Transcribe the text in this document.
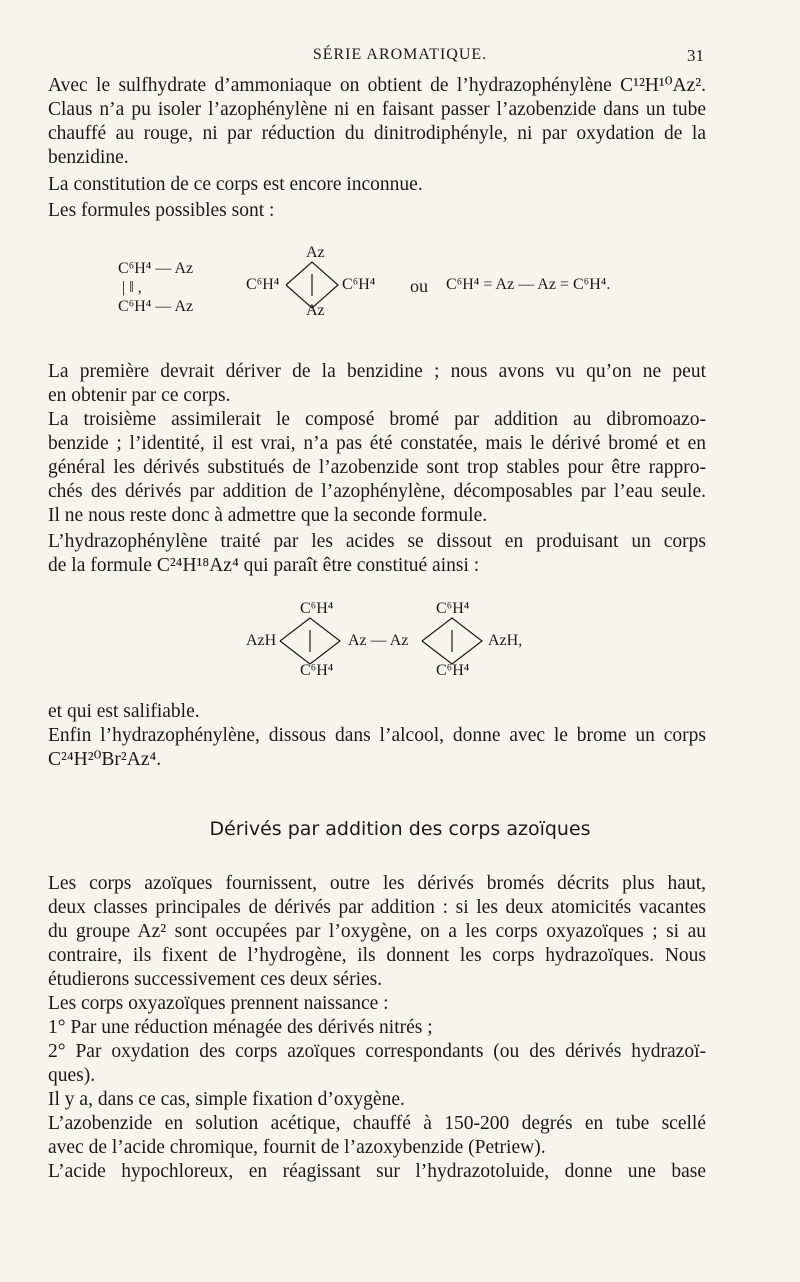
SÉRIE AROMATIQUE.	31

Avec le sulfhydrate d’ammoniaque on obtient de l’hydrazophénylène C¹²H¹⁰Az².

Claus n’a pu isoler l’azophénylène ni en faisant passer l’azobenzide dans un tube

chauffé au rouge, ni par réduction du dinitrodiphényle, ni par oxydation de la

benzidine.

La constitution de ce corps est encore inconnue.

Les formules possibles sont :

C⁶H⁴ — Az
| ‖ ,
C⁶H⁴ — Az
Az
C⁶H⁴	C⁶H⁴
Az
ou C⁶H⁴ = Az — Az = C⁶H⁴.

La première devrait dériver de la benzidine ; nous avons vu qu’on ne peut

en obtenir par ce corps.

La troisième assimilerait le composé bromé par addition au dibromoazo-

benzide ; l’identité, il est vrai, n’a pas été constatée, mais le dérivé bromé et en

général les dérivés substitués de l’azobenzide sont trop stables pour être rappro-

chés des dérivés par addition de l’azophénylène, décomposables par l’eau seule.

Il ne nous reste donc à admettre que la seconde formule.

L’hydrazophénylène traité par les acides se dissout en produisant un corps

de la formule C²⁴H¹⁸Az⁴ qui paraît être constitué ainsi :

C⁶H⁴	C⁶H⁴
AzH	Az — Az	AzH,
C⁶H⁴	C⁶H⁴

et qui est salifiable.

Enfin l’hydrazophénylène, dissous dans l’alcool, donne avec le brome un corps

C²⁴H²⁰Br²Az⁴.

Dérivés par addition des corps azoïques

Les corps azoïques fournissent, outre les dérivés bromés décrits plus haut,

deux classes principales de dérivés par addition : si les deux atomicités vacantes

du groupe Az² sont occupées par l’oxygène, on a les corps oxyazoïques ; si au

contraire, ils fixent de l’hydrogène, ils donnent les corps hydrazoïques. Nous

étudierons successivement ces deux séries.

Les corps oxyazoïques prennent naissance :

1° Par une réduction ménagée des dérivés nitrés ;

2° Par oxydation des corps azoïques correspondants (ou des dérivés hydrazoï-

ques).

Il y a, dans ce cas, simple fixation d’oxygène.

L’azobenzide en solution acétique, chauffé à 150-200 degrés en tube scellé

avec de l’acide chromique, fournit de l’azoxybenzide (Petriew).

L’acide hypochloreux, en réagissant sur l’hydrazotoluide, donne une base
